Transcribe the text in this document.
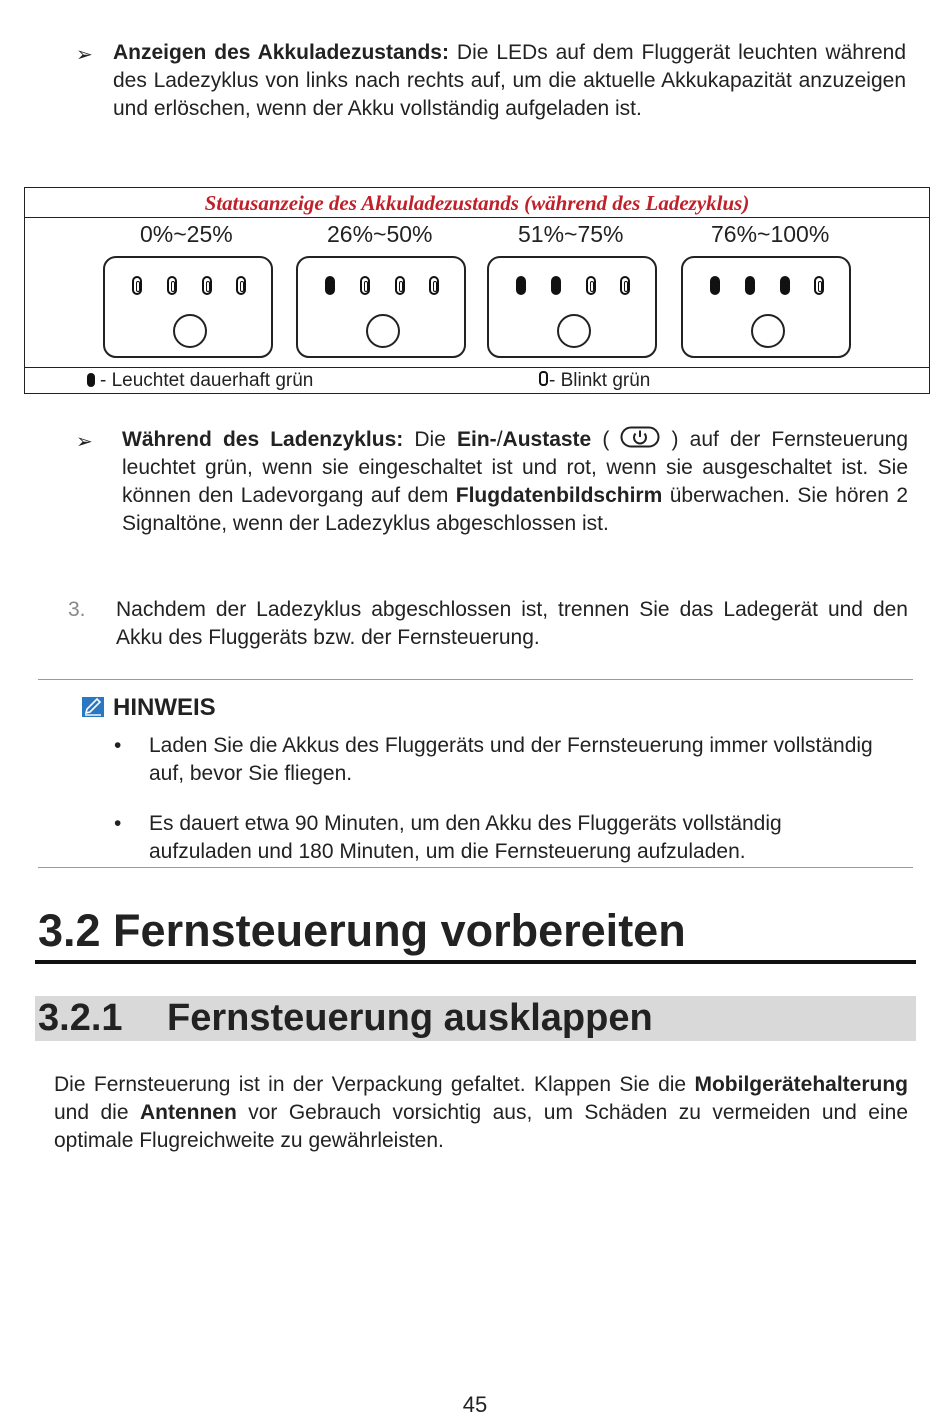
➢ Anzeigen des Akkuladezustands: Die LEDs auf dem Fluggerät leuchten während des Ladezyklus von links nach rechts auf, um die aktuelle Akkukapazität anzuzeigen und erlöschen, wenn der Akku vollständig aufgeladen ist.
Statusanzeige des Akkuladezustands (während des Ladezyklus)
- Leuchtet dauerhaft grün	- Blinkt grün
0%~25%	26%~50%	51%~75%	76%~100%
➢ Während des Ladenzyklus: Die Ein-/Austaste (  ) auf der Fernsteuerung leuchtet grün, wenn sie eingeschaltet ist und rot, wenn sie ausgeschaltet ist. Sie können den Ladevorgang auf dem Flugdatenbildschirm überwachen. Sie hören 2 Signaltöne, wenn der Ladezyklus abgeschlossen ist.
3. Nachdem der Ladezyklus abgeschlossen ist, trennen Sie das Ladegerät und den Akku des Fluggeräts bzw. der Fernsteuerung.
HINWEIS
• Laden Sie die Akkus des Fluggeräts und der Fernsteuerung immer vollständig auf, bevor Sie fliegen.
• Es dauert etwa 90 Minuten, um den Akku des Fluggeräts vollständig aufzuladen und 180 Minuten, um die Fernsteuerung aufzuladen.
3.2 Fernsteuerung vorbereiten
3.2.1 Fernsteuerung ausklappen
Die Fernsteuerung ist in der Verpackung gefaltet. Klappen Sie die Mobilgerätehalterung und die Antennen vor Gebrauch vorsichtig aus, um Schäden zu vermeiden und eine optimale Flugreichweite zu gewährleisten.
45
